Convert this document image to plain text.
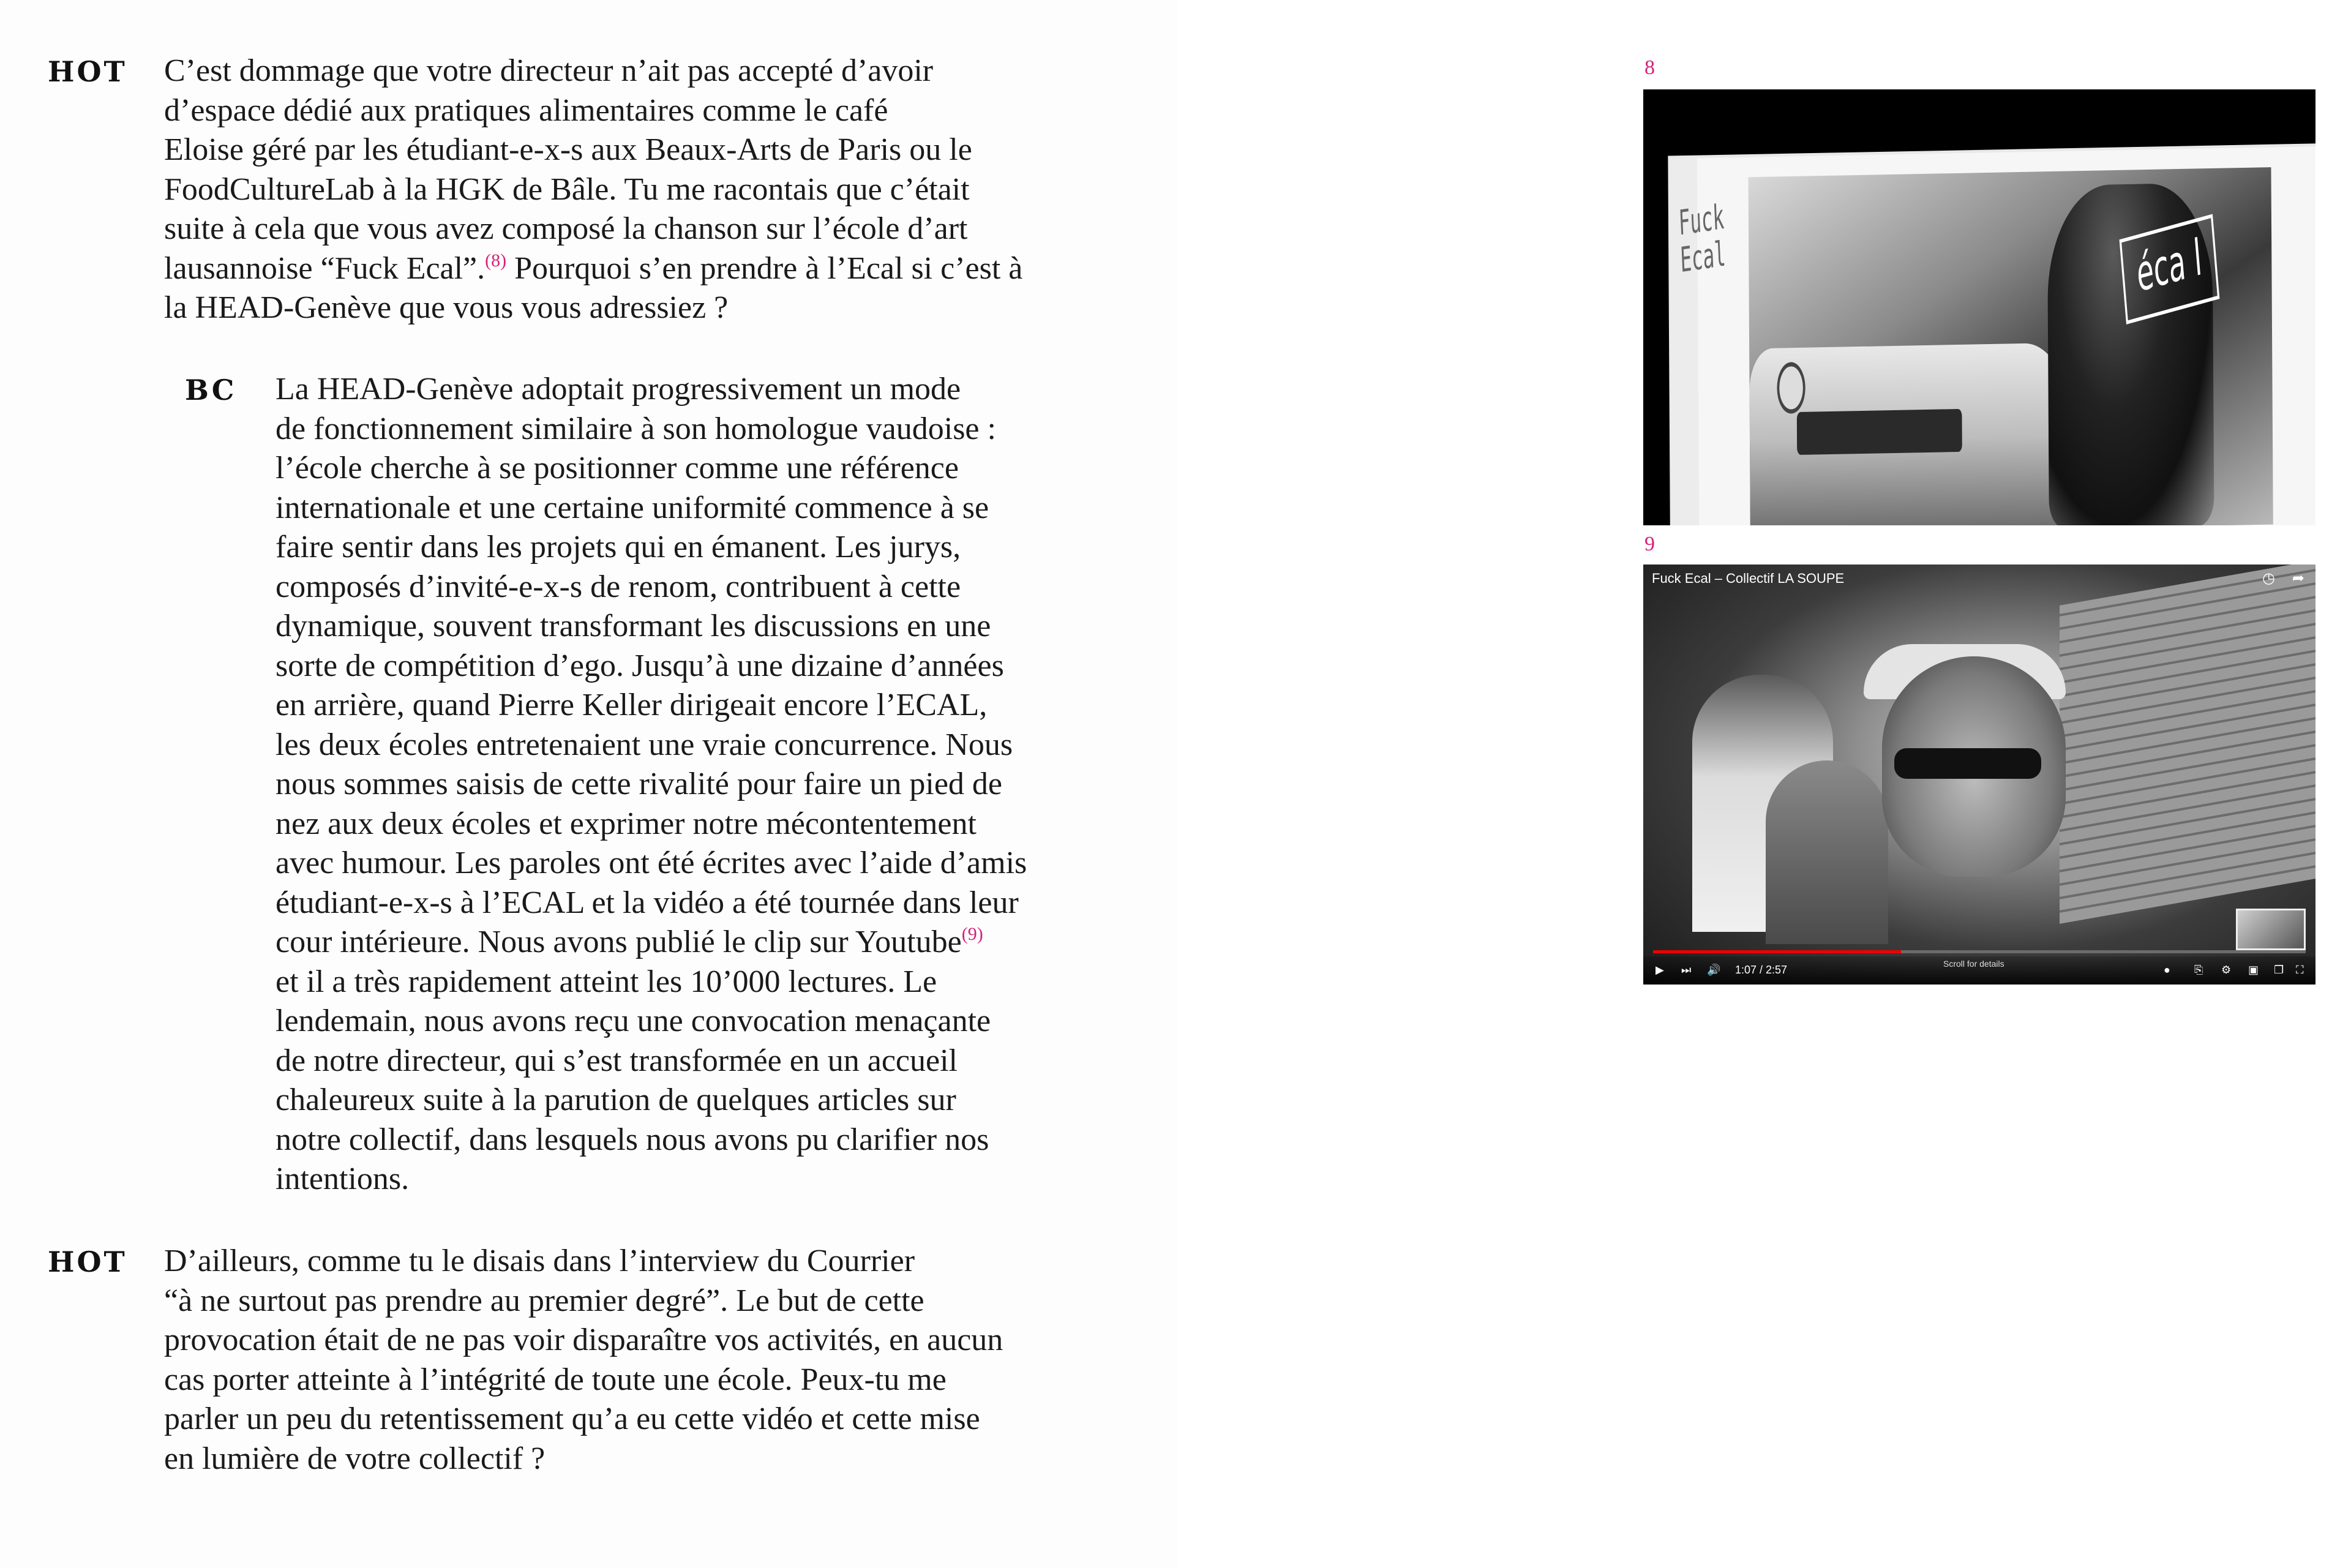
HOT C’est dommage que votre directeur n’ait pas accepté d’avoir
d’espace dédié aux pratiques alimentaires comme le café
Eloise géré par les étudiant-e-x-s aux Beaux-Arts de Paris ou le
FoodCultureLab à la HGK de Bâle. Tu me racontais que c’était
suite à cela que vous avez composé la chanson sur l’école d’art
lausannoise “Fuck Ecal”.$^{(8)}$ Pourquoi s’en prendre à l’Ecal si c’est à
la HEAD-Genève que vous vous adressiez ?
BC La HEAD-Genève adoptait progressivement un mode
de fonctionnement similaire à son homologue vaudoise :
l’école cherche à se positionner comme une référence
internationale et une certaine uniformité commence à se
faire sentir dans les projets qui en émanent. Les jurys,
composés d’invité-e-x-s de renom, contribuent à cette
dynamique, souvent transformant les discussions en une
sorte de compétition d’ego. Jusqu’à une dizaine d’années
en arrière, quand Pierre Keller dirigeait encore l’ECAL,
les deux écoles entretenaient une vraie concurrence. Nous
nous sommes saisis de cette rivalité pour faire un pied de
nez aux deux écoles et exprimer notre mécontentement
avec humour. Les paroles ont été écrites avec l’aide d’amis
étudiant-e-x-s à l’ECAL et la vidéo a été tournée dans leur
cour intérieure. Nous avons publié le clip sur Youtube$^{(9)}$
et il a très rapidement atteint les 10’000 lectures. Le
lendemain, nous avons reçu une convocation menaçante
de notre directeur, qui s’est transformée en un accueil
chaleureux suite à la parution de quelques articles sur
notre collectif, dans lesquels nous avons pu clarifier nos
intentions.
HOT D’ailleurs, comme tu le disais dans l’interview du Courrier
“à ne surtout pas prendre au premier degré”. Le but de cette
provocation était de ne pas voir disparaître vos activités, en aucun
cas porter atteinte à l’intégrité de toute une école. Peux-tu me
parler un peu du retentissement qu’a eu cette vidéo et cette mise
en lumière de votre collectif ?
8
Fuck Ecal	éca l
9
Fuck Ecal – Collectif LA SOUPE	◷ ➦
▶ ⏭ 🔊 1:07 / 2:57	Scroll for details	● ⎘ ⚙ ▣ ❐ ⛶
